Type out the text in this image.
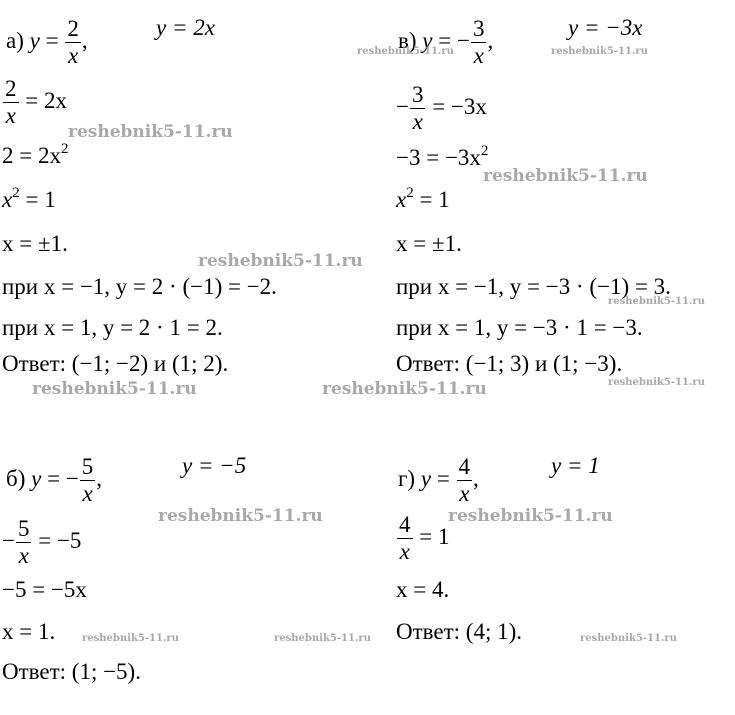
а) $y = \frac{2}{x}$ ,
y = 2x
$\frac{2}{x} = 2x$
$2 = 2x^2$
$x^2 = 1$
x = ±1.
при x = −1, y = 2 · (−1) = −2.
при x = 1, y = 2 · 1 = 2.
Ответ: (−1; −2) и (1; 2).
в) y = − $\frac{3}{x}$ ,
y = −3x
− $\frac{3}{x} = -3x$
$-3 = -3x^2$
$x^2 = 1$
x = ±1.
при x = −1, y = −3 · (−1) = 3.
при x = 1, y = −3 · 1 = −3.
Ответ: (−1; 3) и (1; −3).
б) y = − $\frac{5}{x}$ ,
y = −5
− $\frac{5}{x} = -5$
−5 = −5x
x = 1.
Ответ: (1; −5).
г) $y = \frac{4}{x}$ ,
y = 1
$\frac{4}{x} = 1$
x = 4.
Ответ: (4; 1).
reshebnik5-11.ru	reshebnik5-11.ru
reshebnik5-11.ru
reshebnik5-11.ru
reshebnik5-11.ru
reshebnik5-11.ru
reshebnik5-11.ru	reshebnik5-11.ru	reshebnik5-11.ru
reshebnik5-11.ru	reshebnik5-11.ru
reshebnik5-11.ru	reshebnik5-11.ru	reshebnik5-11.ru
